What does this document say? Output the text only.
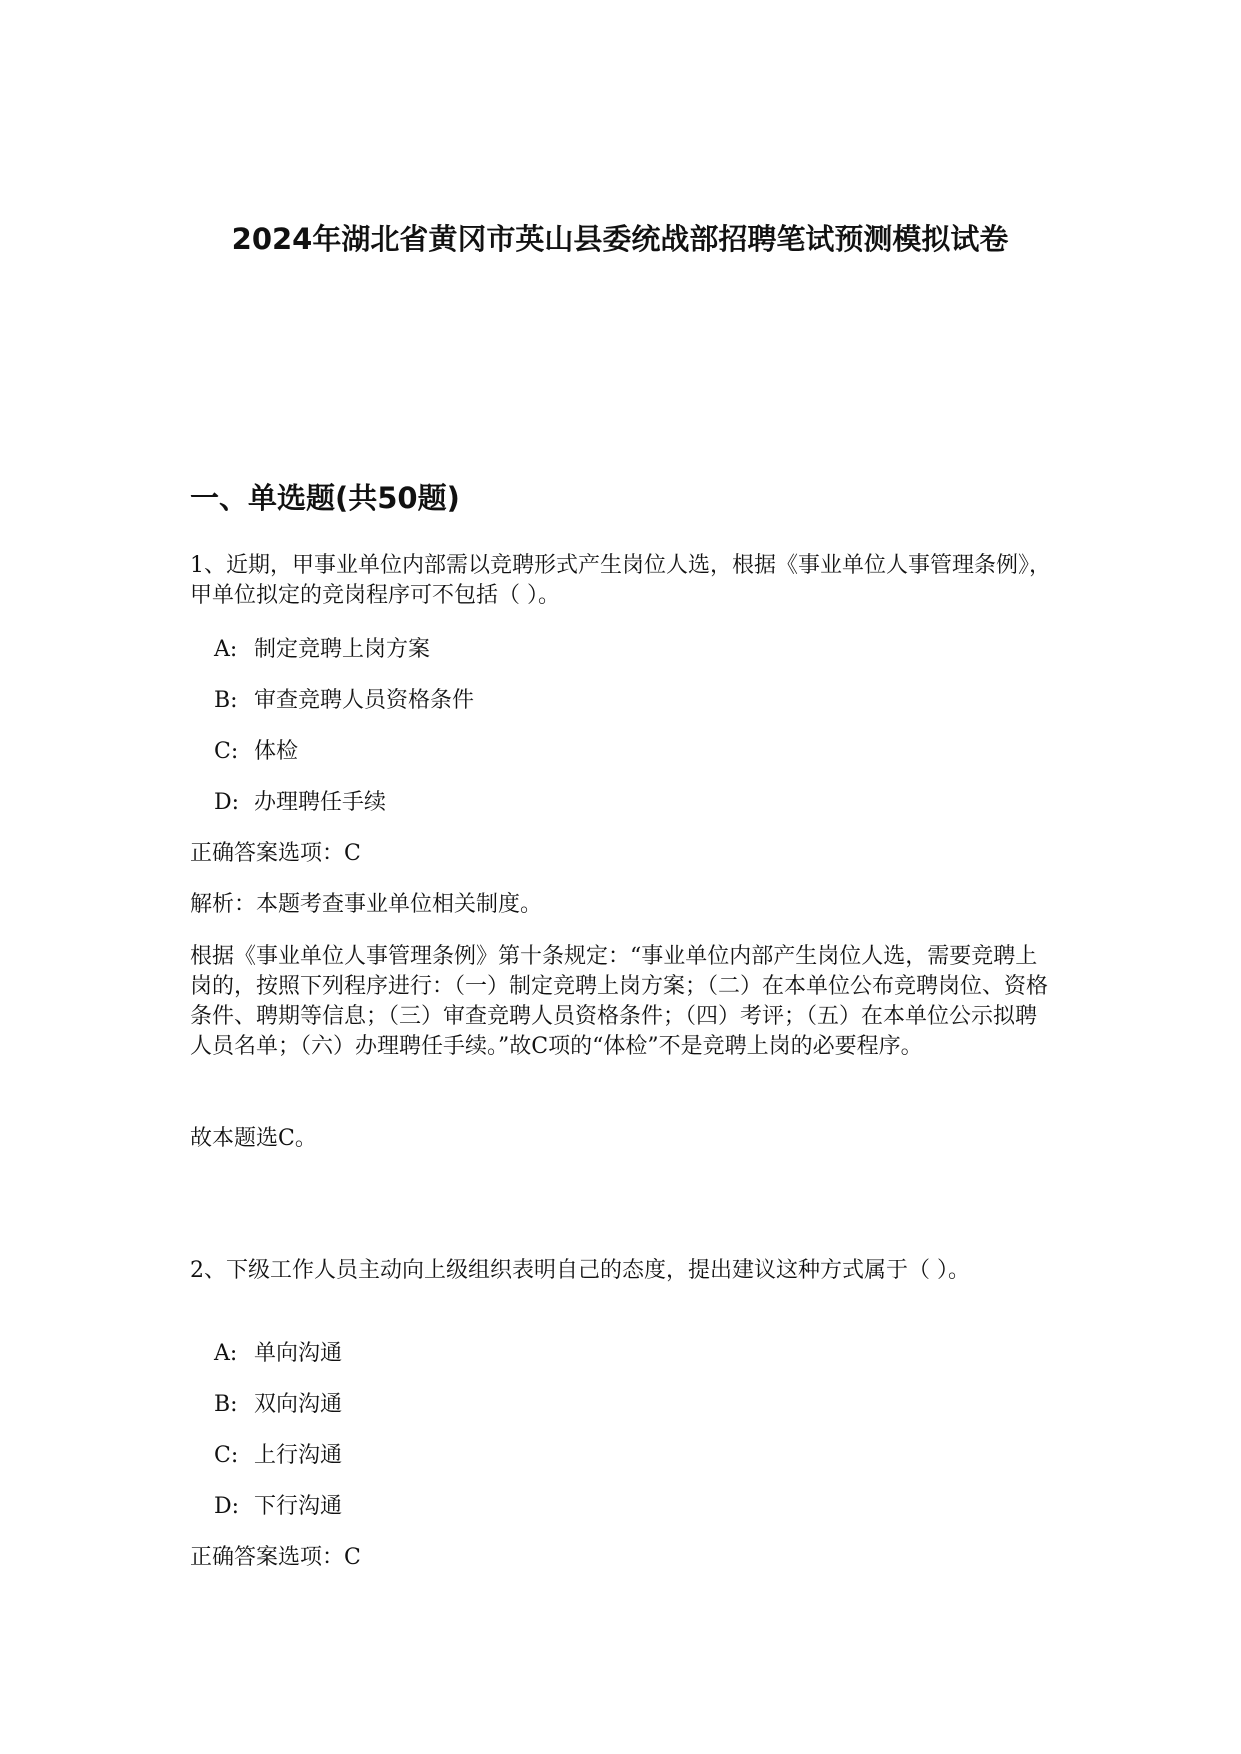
2024年湖北省黄冈市英山县委统战部招聘笔试预测模拟试卷
一、单选题(共50题)

1、近期，甲事业单位内部需以竞聘形式产生岗位人选，根据《事业单位人事管理条例》，甲单位拟定的竞岗程序可不包括（ ）。

A: 制定竞聘上岗方案

B: 审查竞聘人员资格条件

C: 体检

D: 办理聘任手续

正确答案选项：C

解析：本题考查事业单位相关制度。

根据《事业单位人事管理条例》第十条规定：“事业单位内部产生岗位人选，需要竞聘上岗的，按照下列程序进行：（一）制定竞聘上岗方案；（二）在本单位公布竞聘岗位、资格条件、聘期等信息；（三）审查竞聘人员资格条件；（四）考评；（五）在本单位公示拟聘人员名单；（六）办理聘任手续。”故C项的“体检”不是竞聘上岗的必要程序。

故本题选C。

2、下级工作人员主动向上级组织表明自己的态度，提出建议这种方式属于（ ）。

A: 单向沟通

B: 双向沟通

C: 上行沟通

D: 下行沟通

正确答案选项：C
